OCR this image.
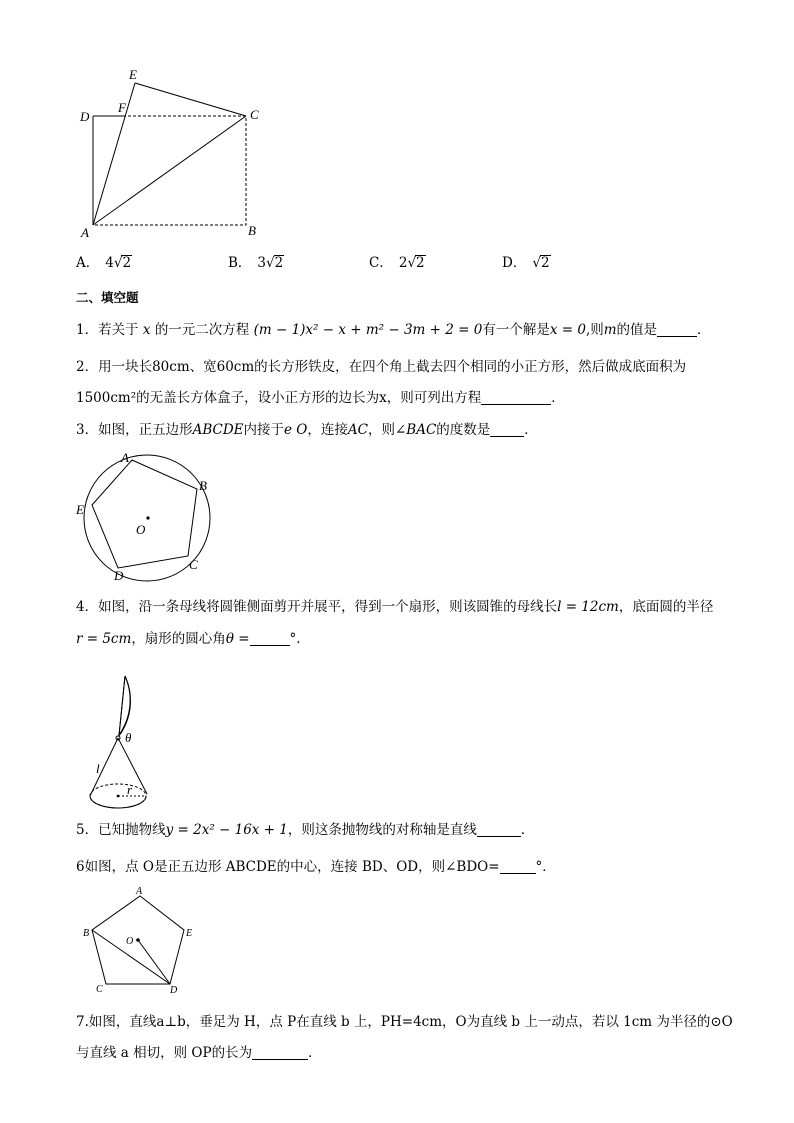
E
D
F	C
A	B
A． 4√2	B． 3√2	C． 2√2	D． √2
二、填空题
1．若关于 x 的一元二次方程 (m − 1)x² − x + m² − 3m + 2 = 0有一个解是x = 0,则m的值是	．
2．用一块长80cm、宽60cm的长方形铁皮，在四个角上截去四个相同的小正方形，然后做成底面积为
1500cm²的无盖长方体盒子，设小正方形的边长为x，则可列出方程	．
3．如图，正五边形ABCDE内接于e O，连接AC，则∠BAC的度数是	．
A
B
C
D
E
O
4．如图，沿一条母线将圆锥侧面剪开并展平，得到一个扇形，则该圆锥的母线长l = 12cm，底面圆的半径
r = 5cm，扇形的圆心角θ =	°．
θ
l
r
5．已知抛物线y = 2x² − 16x + 1，则这条抛物线的对称轴是直线	．
6如图，点 O是正五边形 ABCDE的中心，连接 BD、OD，则∠BDO=	°．
A
B
C	D
E
O
7.如图，直线a⊥b，垂足为 H，点 P在直线 b 上，PH=4cm，O为直线 b 上一动点，若以 1cm 为半径的⊙O
与直线 a 相切，则 OP的长为	．
